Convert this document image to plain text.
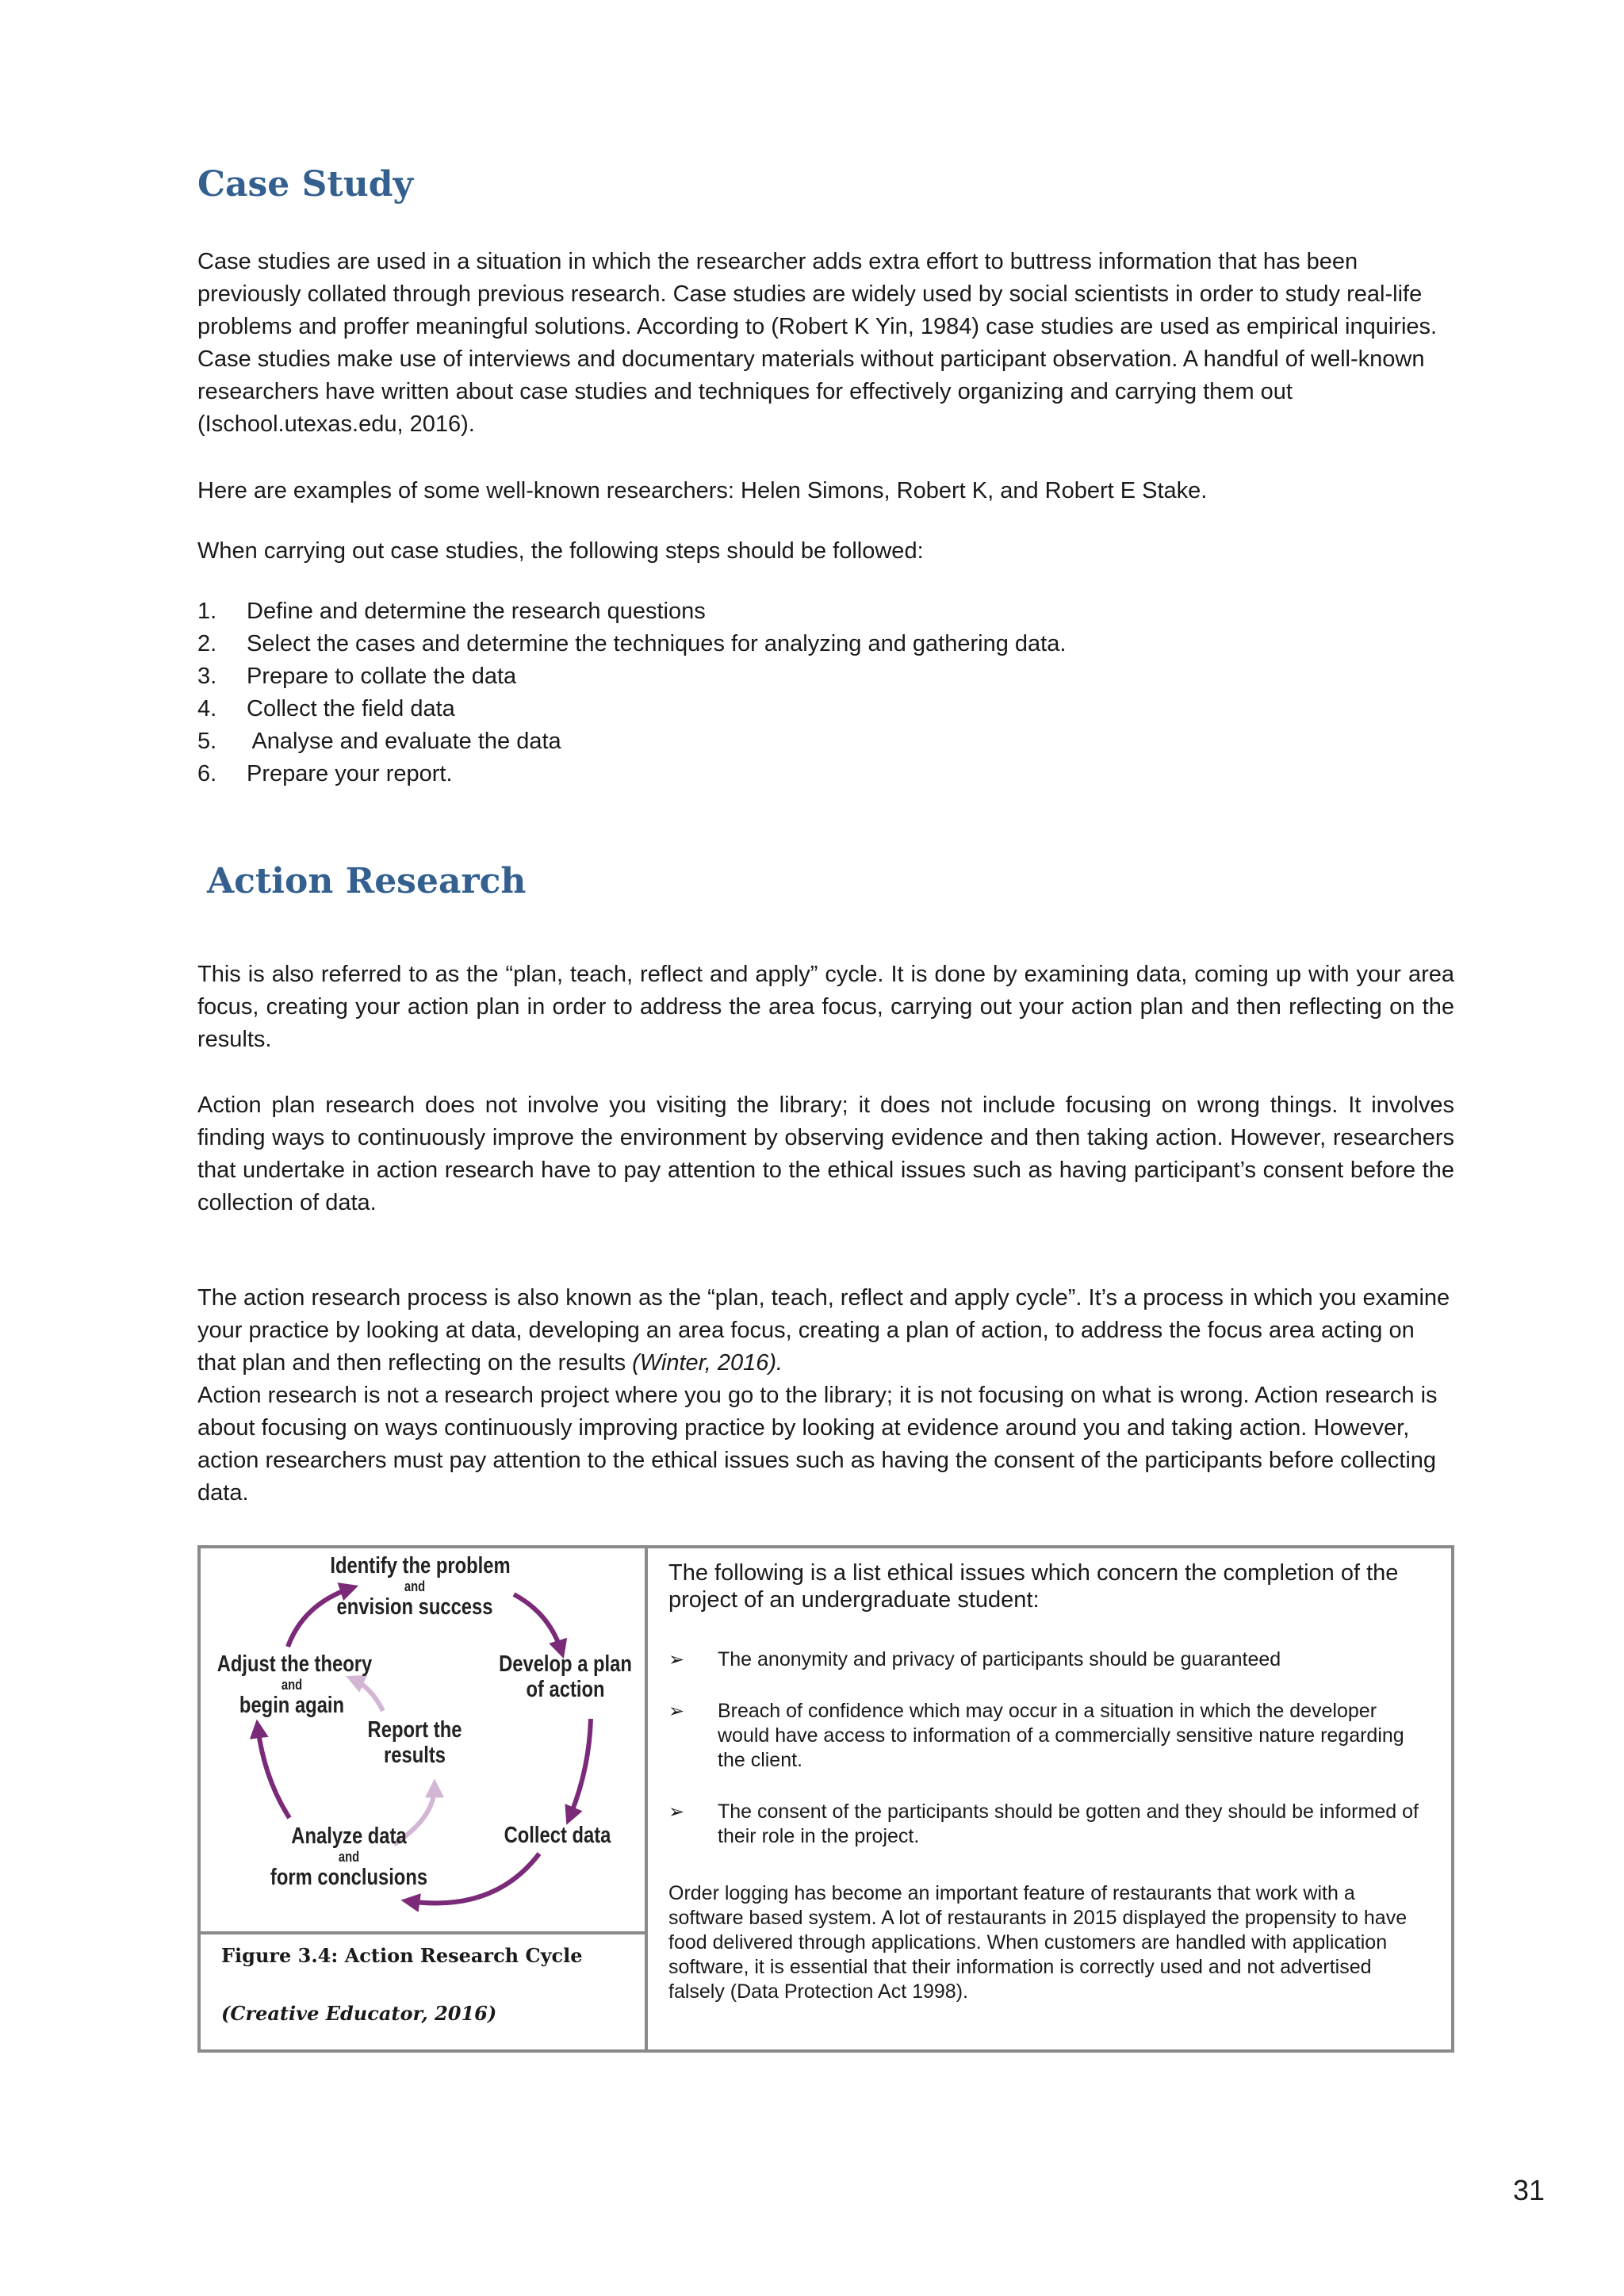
Case Study

Case studies are used in a situation in which the researcher adds extra effort to buttress information that has been previously collated through previous research. Case studies are widely used by social scientists in order to study real-life problems and proffer meaningful solutions. According to (Robert K Yin, 1984) case studies are used as empirical inquiries. Case studies make use of interviews and documentary materials without participant observation. A handful of well-known researchers have written about case studies and techniques for effectively organizing and carrying them out (Ischool.utexas.edu, 2016).

Here are examples of some well-known researchers: Helen Simons, Robert K, and Robert E Stake.

When carrying out case studies, the following steps should be followed:

1. Define and determine the research questions
2. Select the cases and determine the techniques for analyzing and gathering data.
3. Prepare to collate the data
4. Collect the field data
5. Analyse and evaluate the data
6. Prepare your report.
Action Research

This is also referred to as the “plan, teach, reflect and apply” cycle. It is done by examining data, coming up with your area focus, creating your action plan in order to address the area focus, carrying out your action plan and then reflecting on the results.

Action plan research does not involve you visiting the library; it does not include focusing on wrong things. It involves finding ways to continuously improve the environment by observing evidence and then taking action. However, researchers that undertake in action research have to pay attention to the ethical issues such as having participant’s consent before the collection of data.

The action research process is also known as the “plan, teach, reflect and apply cycle”. It’s a process in which you examine your practice by looking at data, developing an area focus, creating a plan of action, to address the focus area acting on that plan and then reflecting on the results (Winter, 2016).

Action research is not a research project where you go to the library; it is not focusing on what is wrong. Action research is about focusing on ways continuously improving practice by looking at evidence around you and taking action. However, action researchers must pay attention to the ethical issues such as having the consent of the participants before collecting data.

Identify the problem
and
envision success
Develop a plan
of action
Collect data
Analyze data
and
form conclusions
Adjust the theory
and
begin again
Report the
results
Figure 3.4: Action Research Cycle
(Creative Educator, 2016)
The following is a list ethical issues which concern the completion of the project of an undergraduate student:
➢ The anonymity and privacy of participants should be guaranteed
➢ Breach of confidence which may occur in a situation in which the developer would have access to information of a commercially sensitive nature regarding the client.
➢ The consent of the participants should be gotten and they should be informed of their role in the project.
Order logging has become an important feature of restaurants that work with a software based system. A lot of restaurants in 2015 displayed the propensity to have food delivered through applications. When customers are handled with application software, it is essential that their information is correctly used and not advertised falsely (Data Protection Act 1998).
31
